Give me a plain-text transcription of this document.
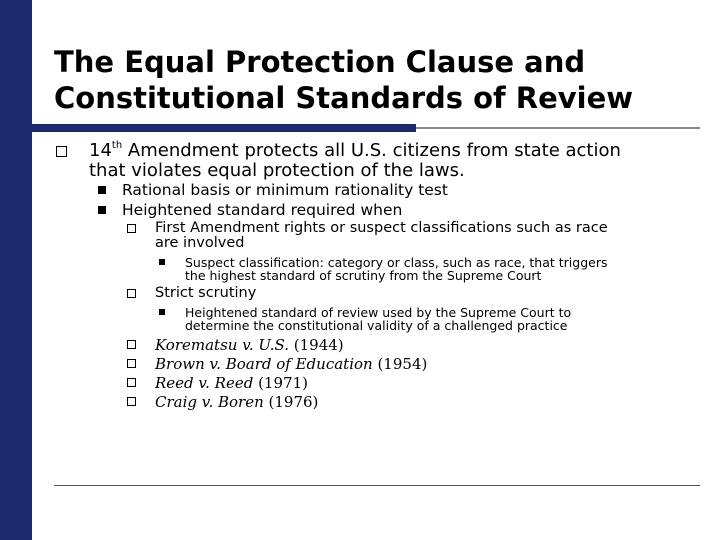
The Equal Protection Clause and
Constitutional Standards of Review
14th Amendment protects all U.S. citizens from state action
that violates equal protection of the laws.
Rational basis or minimum rationality test
Heightened standard required when
First Amendment rights or suspect classifications such as race
are involved
Suspect classification: category or class, such as race, that triggers
the highest standard of scrutiny from the Supreme Court
Strict scrutiny
Heightened standard of review used by the Supreme Court to
determine the constitutional validity of a challenged practice
Korematsu v. U.S. (1944)
Brown v. Board of Education (1954)
Reed v. Reed (1971)
Craig v. Boren (1976)
